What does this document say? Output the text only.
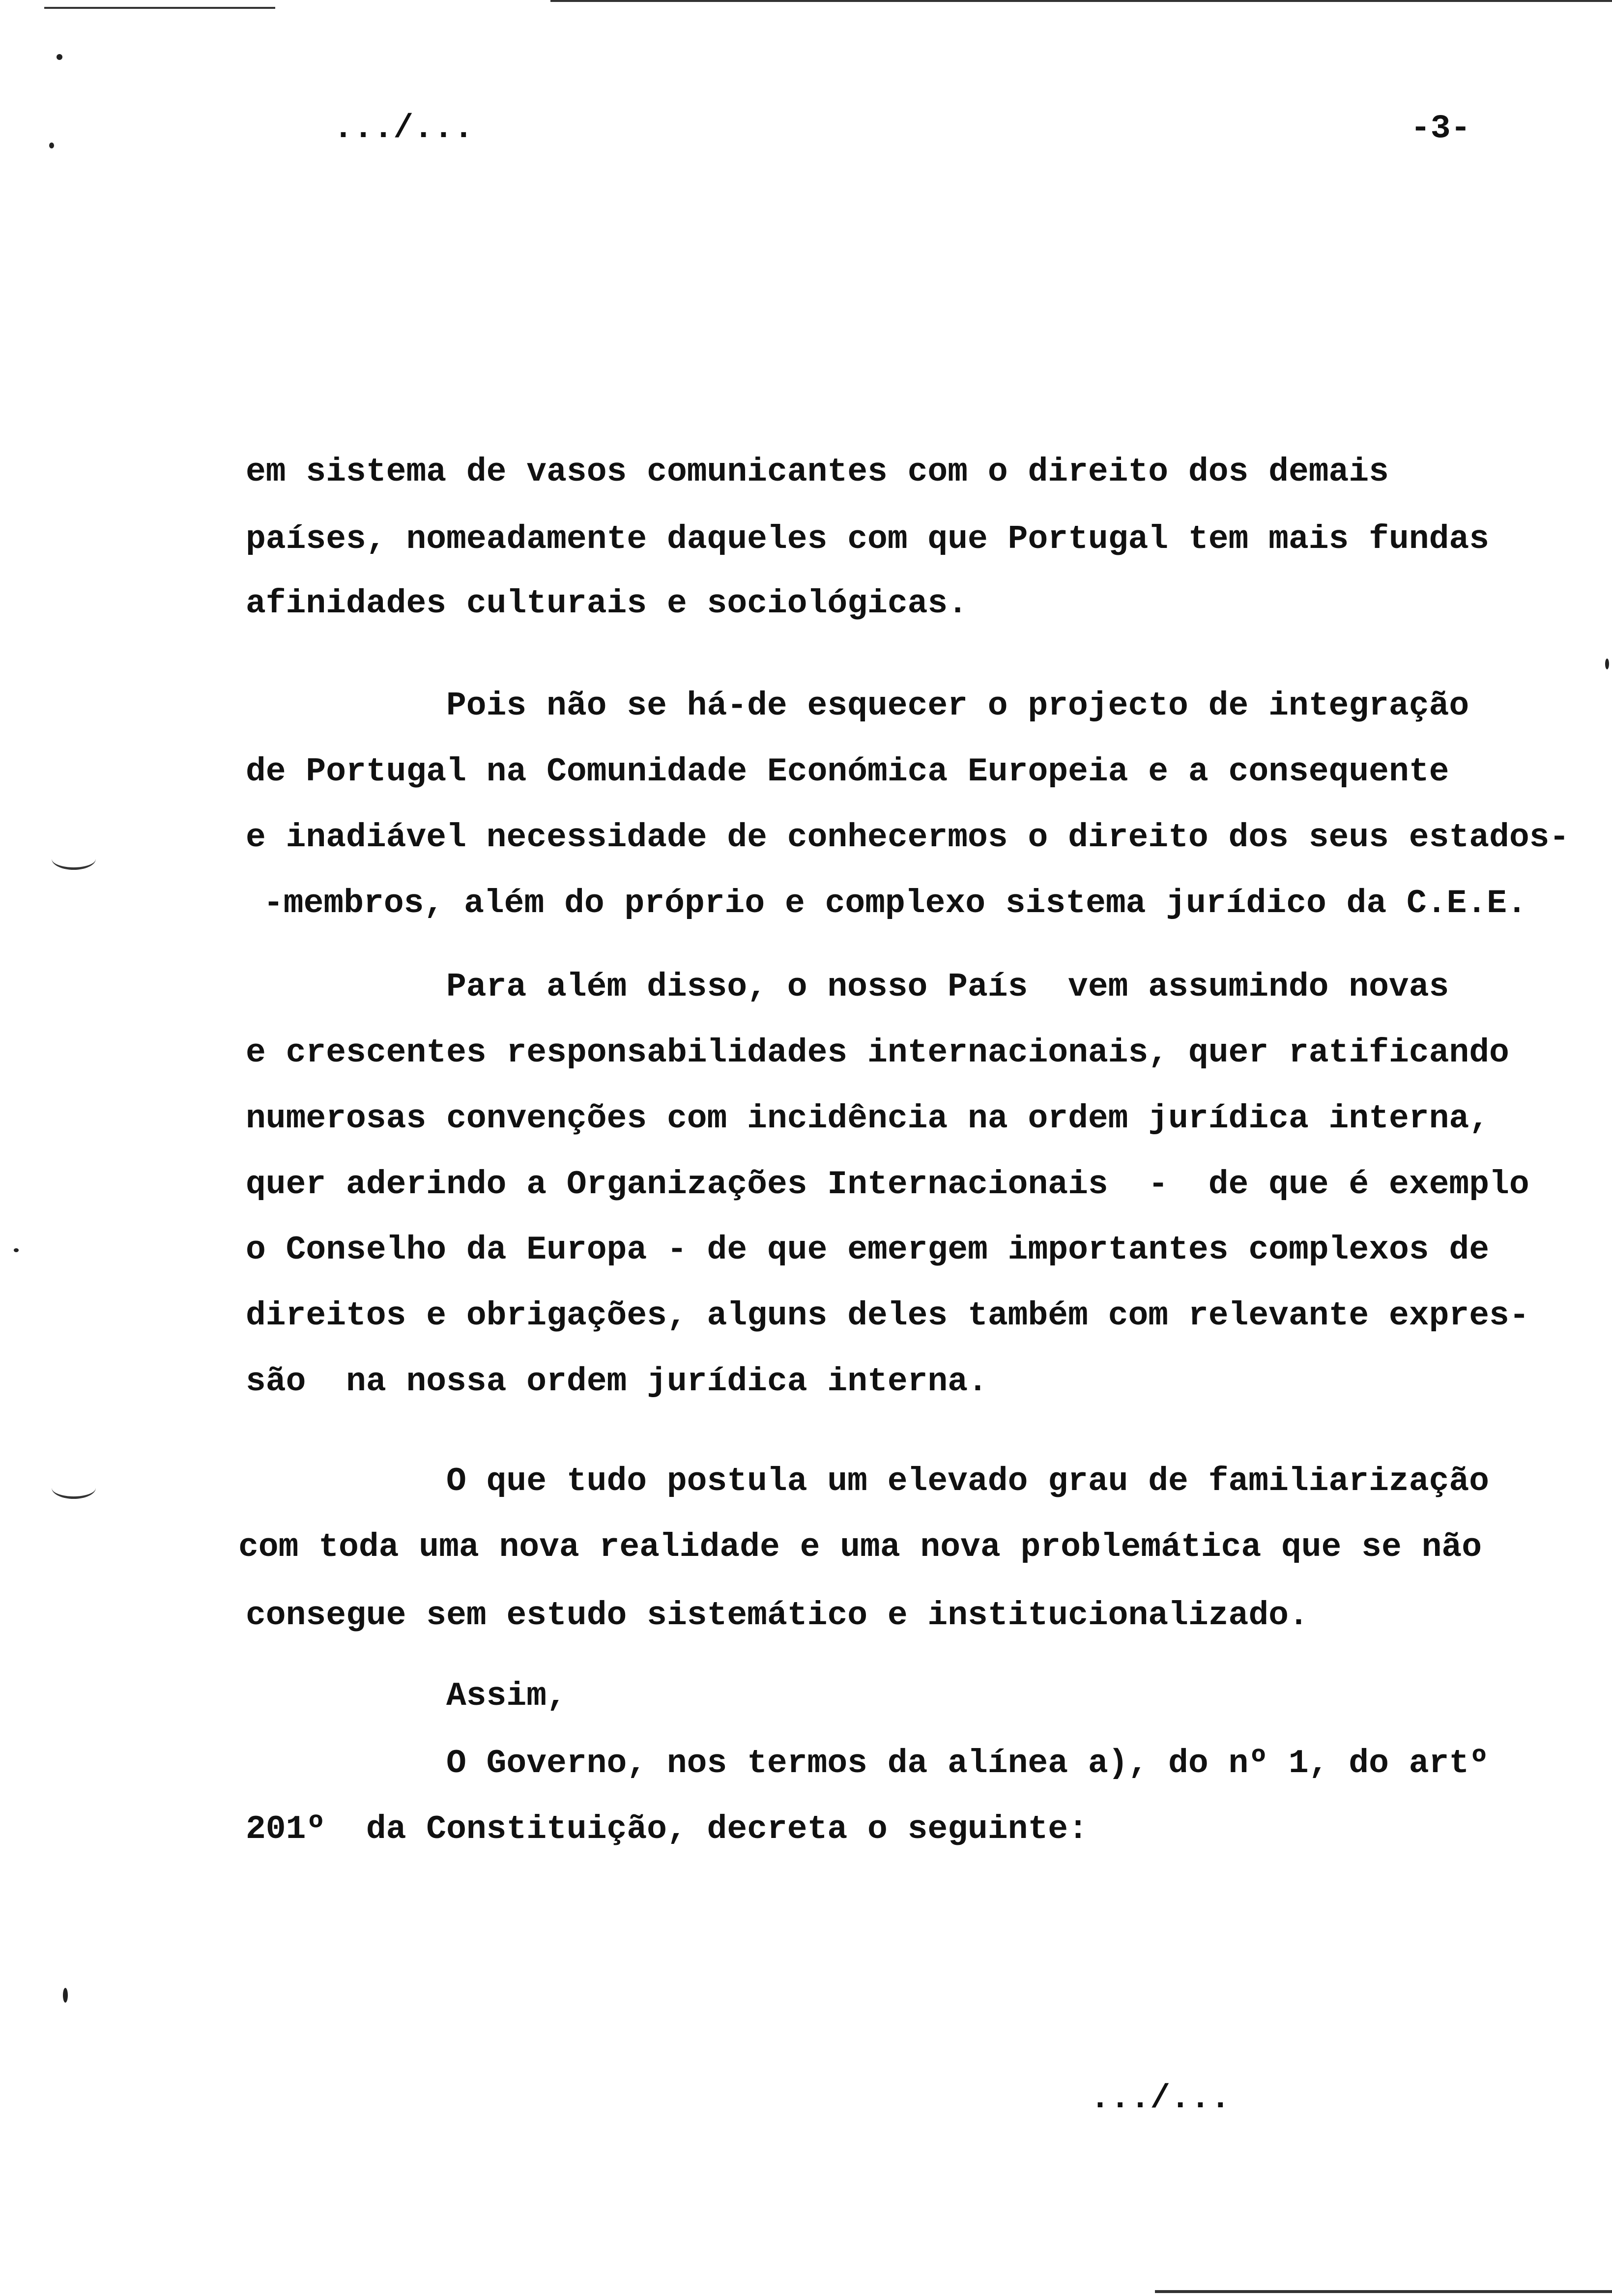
.../...	-3-
em sistema de vasos comunicantes com o direito dos demais
países, nomeadamente daqueles com que Portugal tem mais fundas
afinidades culturais e sociológicas.
Pois não se há-de esquecer o projecto de integração
de Portugal na Comunidade Económica Europeia e a consequente
e inadiável necessidade de conhecermos o direito dos seus estados-
-membros, além do próprio e complexo sistema jurídico da C.E.E.
Para além disso, o nosso País  vem assumindo novas
e crescentes responsabilidades internacionais, quer ratificando
numerosas convenções com incidência na ordem jurídica interna,
quer aderindo a Organizações Internacionais  -  de que é exemplo
o Conselho da Europa - de que emergem importantes complexos de
direitos e obrigações, alguns deles também com relevante expres-
são  na nossa ordem jurídica interna.
O que tudo postula um elevado grau de familiarização
com toda uma nova realidade e uma nova problemática que se não
consegue sem estudo sistemático e institucionalizado.
Assim,
O Governo, nos termos da alínea a), do nº 1, do artº
201º  da Constituição, decreta o seguinte:
.../...
